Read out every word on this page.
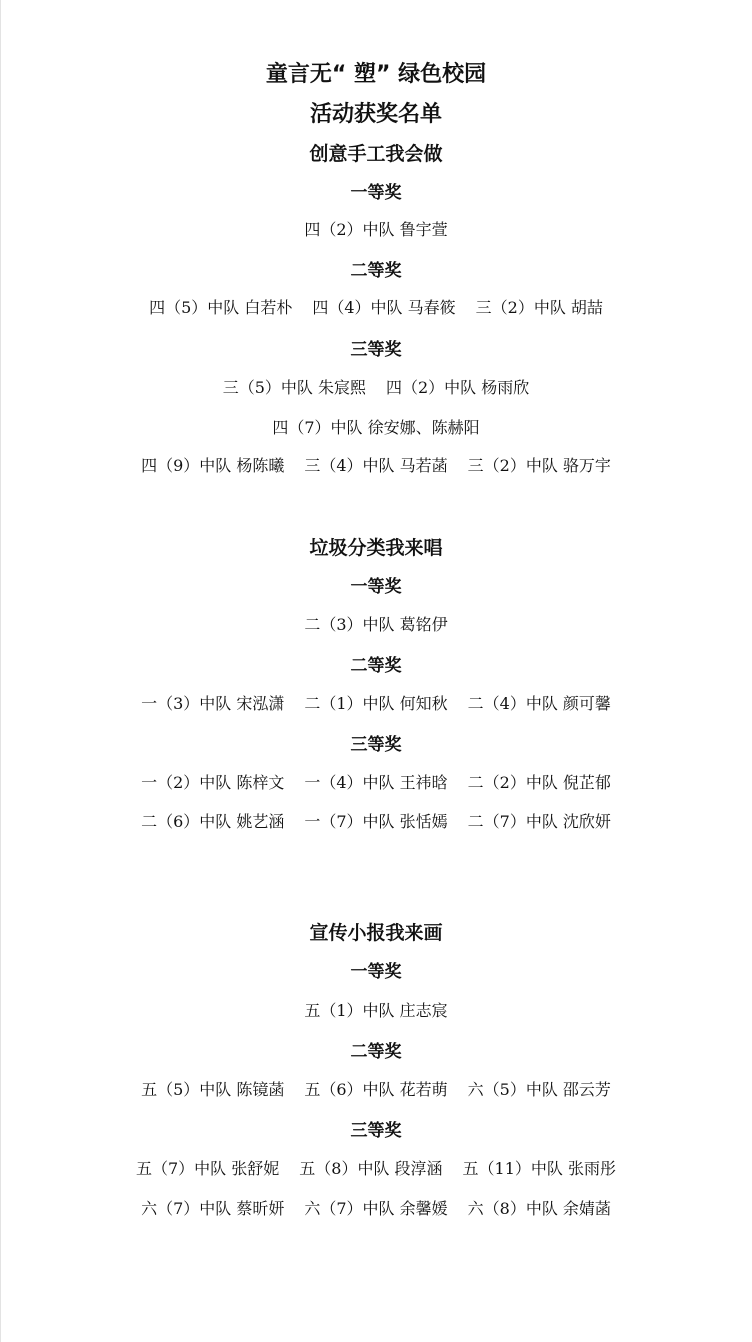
童言无“ 塑” 绿色校园
活动获奖名单
创意手工我会做
一等奖
四（2）中队 鲁宇萱
二等奖
四（5）中队 白若朴 四（4）中队 马春筱 三（2）中队 胡喆
三等奖
三（5）中队 朱宸熙 四（2）中队 杨雨欣
四（7）中队 徐安娜、陈赫阳
四（9）中队 杨陈曦 三（4）中队 马若菡 三（2）中队 骆万宇
垃圾分类我来唱
一等奖
二（3）中队 葛铭伊
二等奖
一（3）中队 宋泓潇 二（1）中队 何知秋 二（4）中队 颜可馨
三等奖
一（2）中队 陈梓文 一（4）中队 王祎晗 二（2）中队 倪芷郁
二（6）中队 姚艺涵 一（7）中队 张恬嫣 二（7）中队 沈欣妍
宣传小报我来画
一等奖
五（1）中队 庄志宸
二等奖
五（5）中队 陈镜菡 五（6）中队 花若萌 六（5）中队 邵云芳
三等奖
五（7）中队 张舒妮 五（8）中队 段淳涵 五（11）中队 张雨彤
六（7）中队 蔡昕妍 六（7）中队 余馨媛 六（8）中队 余婧菡
